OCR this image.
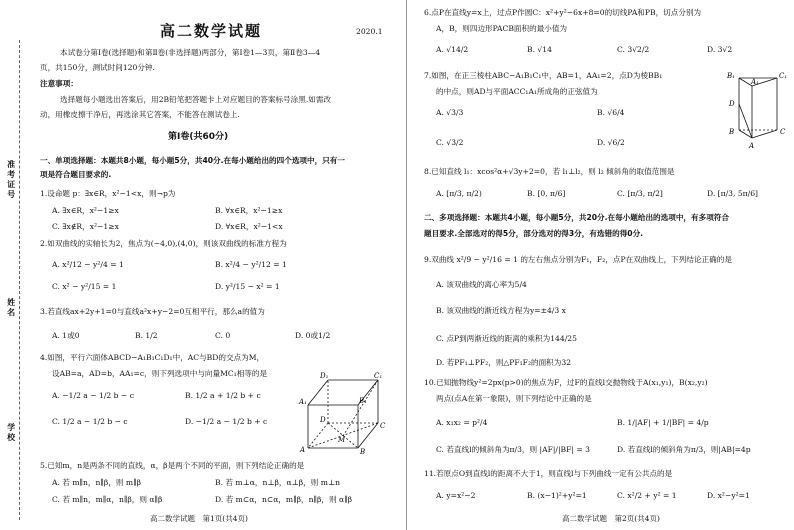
准考证号
姓名
学校
高二数学试题	2020.1
本试卷分第Ⅰ卷(选择题)和第Ⅱ卷(非选择题)两部分，第Ⅰ卷1—3页，第Ⅱ卷3—4
页，共150分，测试时间120分钟.
注意事项：
选择题每小题选出答案后，用2B铅笔把答题卡上对应题目的答案标号涂黑.如需改
动，用橡皮擦干净后，再选涂其它答案，不能答在测试卷上.
第Ⅰ卷(共60分)
一、单项选择题：本题共8小题，每小题5分，共40分.在每小题给出的四个选项中，只有一
项是符合题目要求的.
1.设命题 p：∃x∈R，x²−1<x，则¬p为
A. ∃x∈R，x²−1≥x	B. ∀x∈R，x²−1≥x
C. ∃x∉R，x²−1≥x	D. ∀x∈R，x²−1<x
2.如双曲线的实轴长为2，焦点为(−4,0),(4,0)，则该双曲线的标准方程为
A. x²/12 − y²/4 = 1	B. x²/4 − y²/12 = 1
C. x² − y²/15 = 1	D. y²/15 − x² = 1
3.若直线ax+2y+1=0与直线a²x+y−2=0互相平行，那么a的值为
A. 1或0	B. 1/2	C. 0	D. 0或1/2
4.如图，平行六面体ABCD−A₁B₁C₁D₁中，AC与BD的交点为M，
设AB=a，AD=b，AA₁=c，则下列选项中与向量MC₁相等的是
A. −1/2 a − 1/2 b − c	B. 1/2 a + 1/2 b + c
C. 1/2 a − 1/2 b − c	D. −1/2 a − 1/2 b + c
A	B
C
D
M
A₁	B₁
C₁
D₁
5.已知m，n是两条不同的直线，α，β是两个不同的平面，则下列结论正确的是
A. 若 m∥n，n∥β，则 m∥β	B. 若 m⊥α，n⊥β，α⊥β，则 m⊥n
C. 若 m∥n，m∥α，n∥β，则 α∥β	D. 若 m⊂α，n⊂α，m∥β，n∥β，则 α∥β
高二数学试题　第1页(共4页)
6.点P在直线y=x上，过点P作圆C：x²+y²−6x+8=0的切线PA和PB，切点分别为
A，B，则四边形PACB面积的最小值为
A. √14/2	B. √14	C. 3√2/2	D. 3√2
7.如图，在正三棱柱ABC−A₁B₁C₁中，AB=1，AA₁=2，点D为棱BB₁
的中点，则AD与平面ACC₁A₁所成角的正弦值为
A. √3/3	B. √6/4
C. √3/2	D. √6/2
D
B
A
C
A₁
B₁	C₁
8.已知直线 l₁：xcos²α+√3y+2=0，若 l₁⊥l₂，则 l₂ 倾斜角的取值范围是
A. [π/3, π/2)	B. [0, π/6]	C. [π/3, π/2]	D. [π/3, 5π/6]
二、多项选择题：本题共4小题，每小题5分，共20分.在每小题给出的选项中，有多项符合
题目要求.全部选对的得5分，部分选对的得3分，有选错的得0分.
9.双曲线 x²/9 − y²/16 = 1 的左右焦点分别为F₁，F₂，点P在双曲线上，下列结论正确的是
A. 该双曲线的离心率为5/4
B. 该双曲线的渐近线方程为y=±4/3 x
C. 点P到两渐近线的距离的乘积为144/25
D. 若PF₁⊥PF₂，则△PF₁F₂的面积为32
10.已知抛物线y²=2px(p>0)的焦点为F，过F的直线l交抛物线于A(x₁,y₁)，B(x₂,y₂)
两点(点A在第一象限)，则下列结论中正确的是
A. x₁x₂ = p²/4	B. 1/|AF| + 1/|BF| = 4/p
C. 若直线l的倾斜角为π/3，则 |AF|/|BF| = 3	D. 若直线l的倾斜角为π/3，则|AB|=4p
11.若原点O到直线l的距离不大于1，则直线l与下列曲线一定有公共点的是
A. y=x²−2	B. (x−1)²+y²=1	C. x²/2 + y² = 1	D. x²−y²=1
高二数学试题　第2页(共4页)
